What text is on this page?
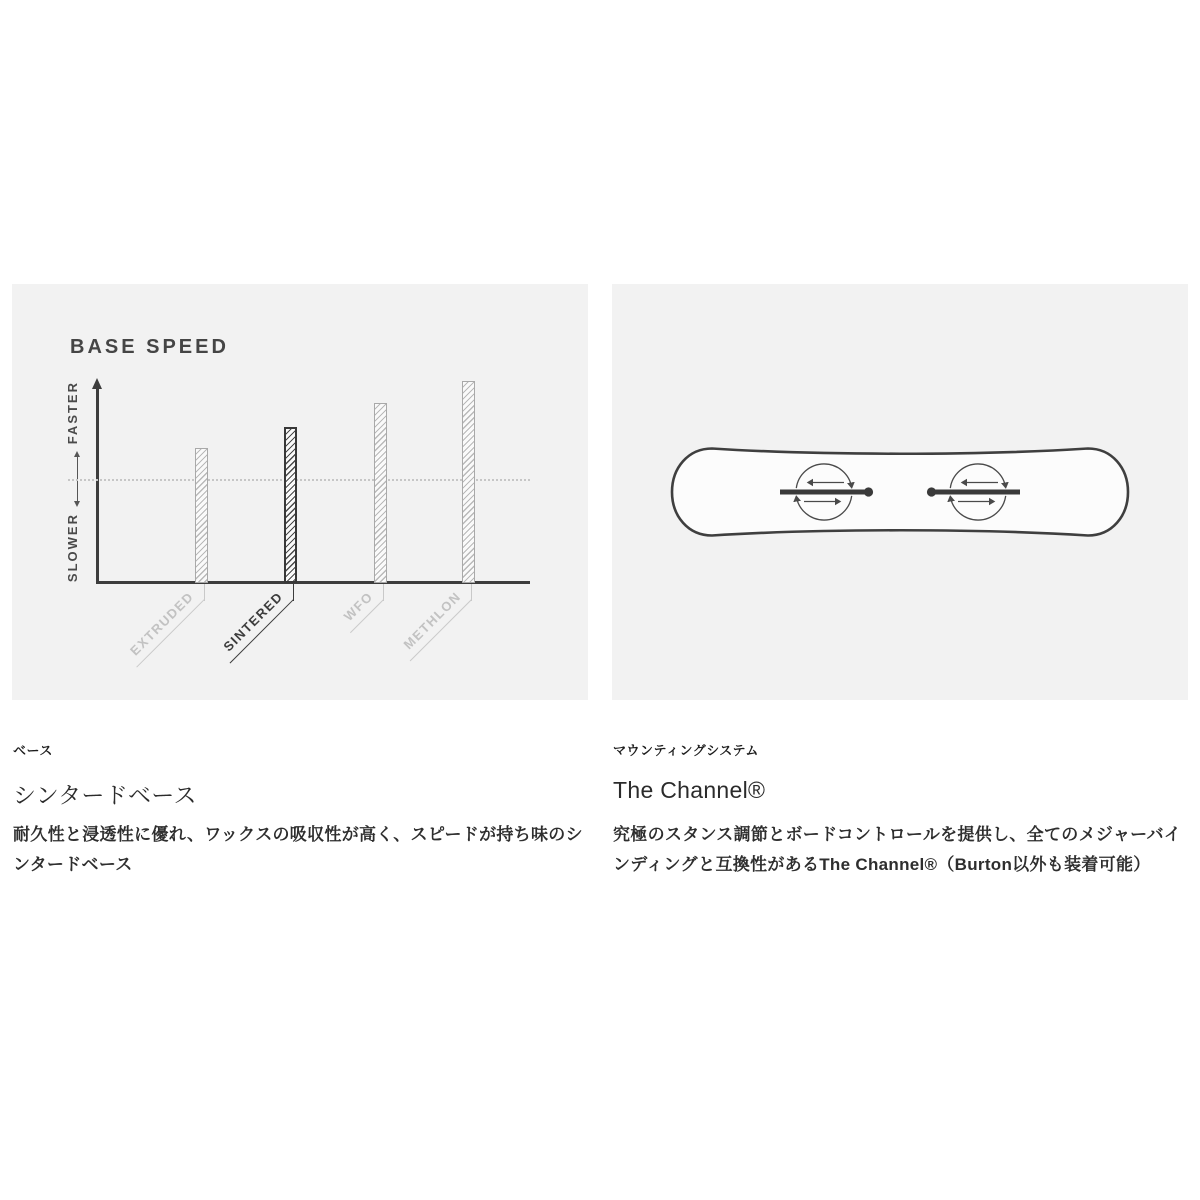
BASE SPEED
FASTER
SLOWER
EXTRUDED	SINTERED	WFO	METHLON
ベース
シンタードベース
耐久性と浸透性に優れ、ワックスの吸収性が高く、スピードが持ち味のシンタードベース
マウンティングシステム
The Channel®
究極のスタンス調節とボードコントロールを提供し、全てのメジャーバインディングと互換性があるThe Channel®（Burton以外も装着可能）
